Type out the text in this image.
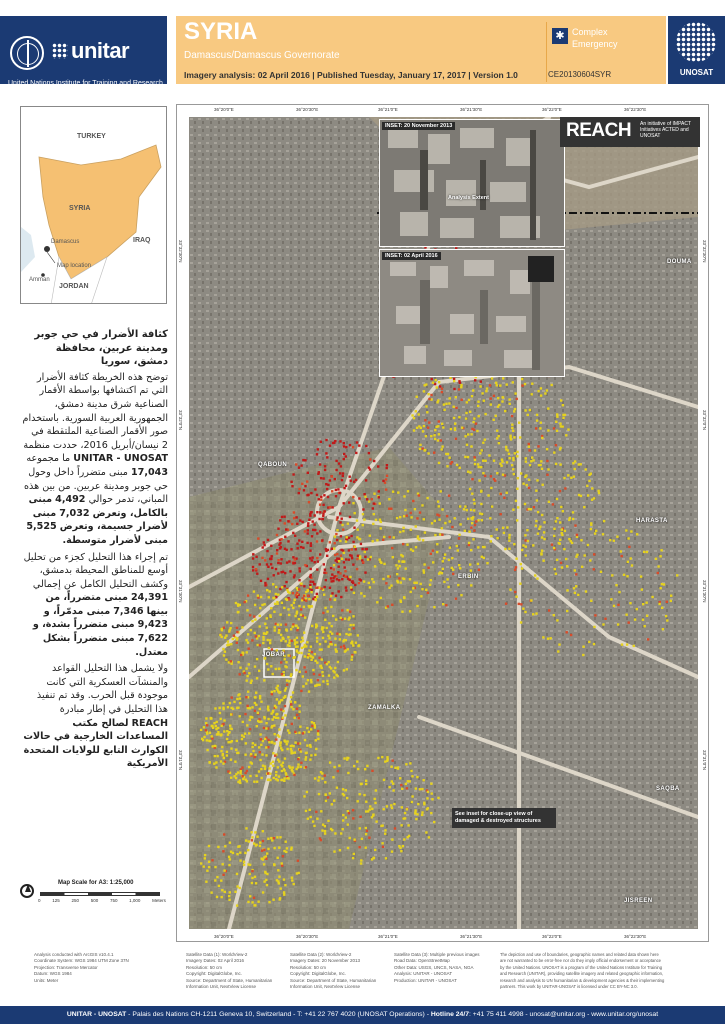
unitar
United Nations Institute for Training and Research
SYRIA
Damascus/Damascus Governorate
Imagery analysis: 02 April 2016 | Published Tuesday, January 17, 2017 | Version 1.0
✱ Complex Emergency
CE20130604SYR	UNOSAT
TURKEY
SYRIA
IRAQ
JORDAN
Damascus
Amman
Map location
كثافة الأضرار في حي جوبر ومدينة عربين، محافظة دمشق، سوريا

توضح هذه الخريطة كثافة الأضرار التي تم اكتشافها بواسطة الأقمار الصناعية شرق مدينة دمشق، الجمهورية العربية السورية. باستخدام صور الأقمار الصناعية الملتقطة في 2 نيسان/أبريل 2016، حددت منظمة UNITAR - UNOSAT ما مجموعه 17,043 مبنى متضرراً داخل وحول حي جوبر ومدينة عربين. من بين هذه المباني، تدمر حوالي 4,492 مبنى بالكامل، وتعرض 7,032 مبنى لأضرار جسيمة، وتعرض 5,525 مبنى لأضرار متوسطة.

تم إجراء هذا التحليل كجزء من تحليل أوسع للمناطق المحيطة بدمشق، وكشف التحليل الكامل عن إجمالي 24,391 مبنى متضرراً، من بينها 7,346 مبنى مدمّراً، و 9,423 مبنى متضرراً بشدة، و 7,622 مبنى متضرراً بشكل معتدل.

ولا يشمل هذا التحليل القواعد والمنشآت العسكرية التي كانت موجودة قبل الحرب. وقد تم تنفيذ هذا التحليل في إطار مبادرة REACH لصالح مكتب المساعدات الخارجية في حالات الكوارث التابع للولايات المتحدة الأمريكية

Map Scale for A3: 1:25,000
0	125	250	500	750	1,000	Meters
INSET: 20 November 2013
INSET: 02 April 2016
REACH An initiative of IMPACT Initiatives ACTED and UNOSAT
Analysis Extent
DOUMA
QABOUN
HARASTA
ERBIN
JOBAR
ZAMALKA
SAQBA
JISREEN
See inset for close-up view of damaged & destroyed structures
36°20'0"E	36°20'30"E	36°21'0"E	36°21'30"E	36°22'0"E	36°22'30"E
36°20'0"E	36°20'30"E	36°21'0"E	36°21'30"E	36°22'0"E	36°22'30"E
33°32'30"N
33°32'0"N
33°31'30"N
33°31'0"N
33°32'30"N
33°32'0"N
33°31'30"N
33°31'0"N

Analysis conducted with ArcGIS v10.4.1

Coordinate System: WGS 1984 UTM Zone 37N

Projection: Transverse Mercator

Datum: WGS 1984

Units: Meter

Satellite Data (1): WorldView-2

Imagery Dates: 02 April 2016

Resolution: 50 cm

Copyright: DigitalGlobe, Inc.

Source: Department of State, Humanitarian

Information Unit, NextView License

Satellite Data (2): WorldView-2

Imagery Dates: 20 November 2013

Resolution: 50 cm

Copyright: DigitalGlobe, Inc.

Source: Department of State, Humanitarian

Information Unit, NextView License

Satellite Data (3): Multiple previous images

Road Data: OpenStreetMap

Other Data: USGS, UNCS, NASA, NGA

Analysis: UNITAR - UNOSAT

Production: UNITAR - UNOSAT

The depiction and use of boundaries, geographic names and related data shown here

are not warranted to be error-free nor do they imply official endorsement or acceptance

by the United Nations. UNOSAT is a program of the United Nations Institute for Training

and Research (UNITAR), providing satellite imagery and related geographic information,

research and analysis to UN humanitarian & development agencies & their implementing

partners. This work by UNITAR-UNOSAT is licensed under CC BY-NC 3.0.

UNITAR - UNOSAT - Palais des Nations CH-1211 Geneva 10, Switzerland - T: +41 22 767 4020 (UNOSAT Operations) - Hotline 24/7: +41 75 411 4998 - unosat@unitar.org - www.unitar.org/unosat
